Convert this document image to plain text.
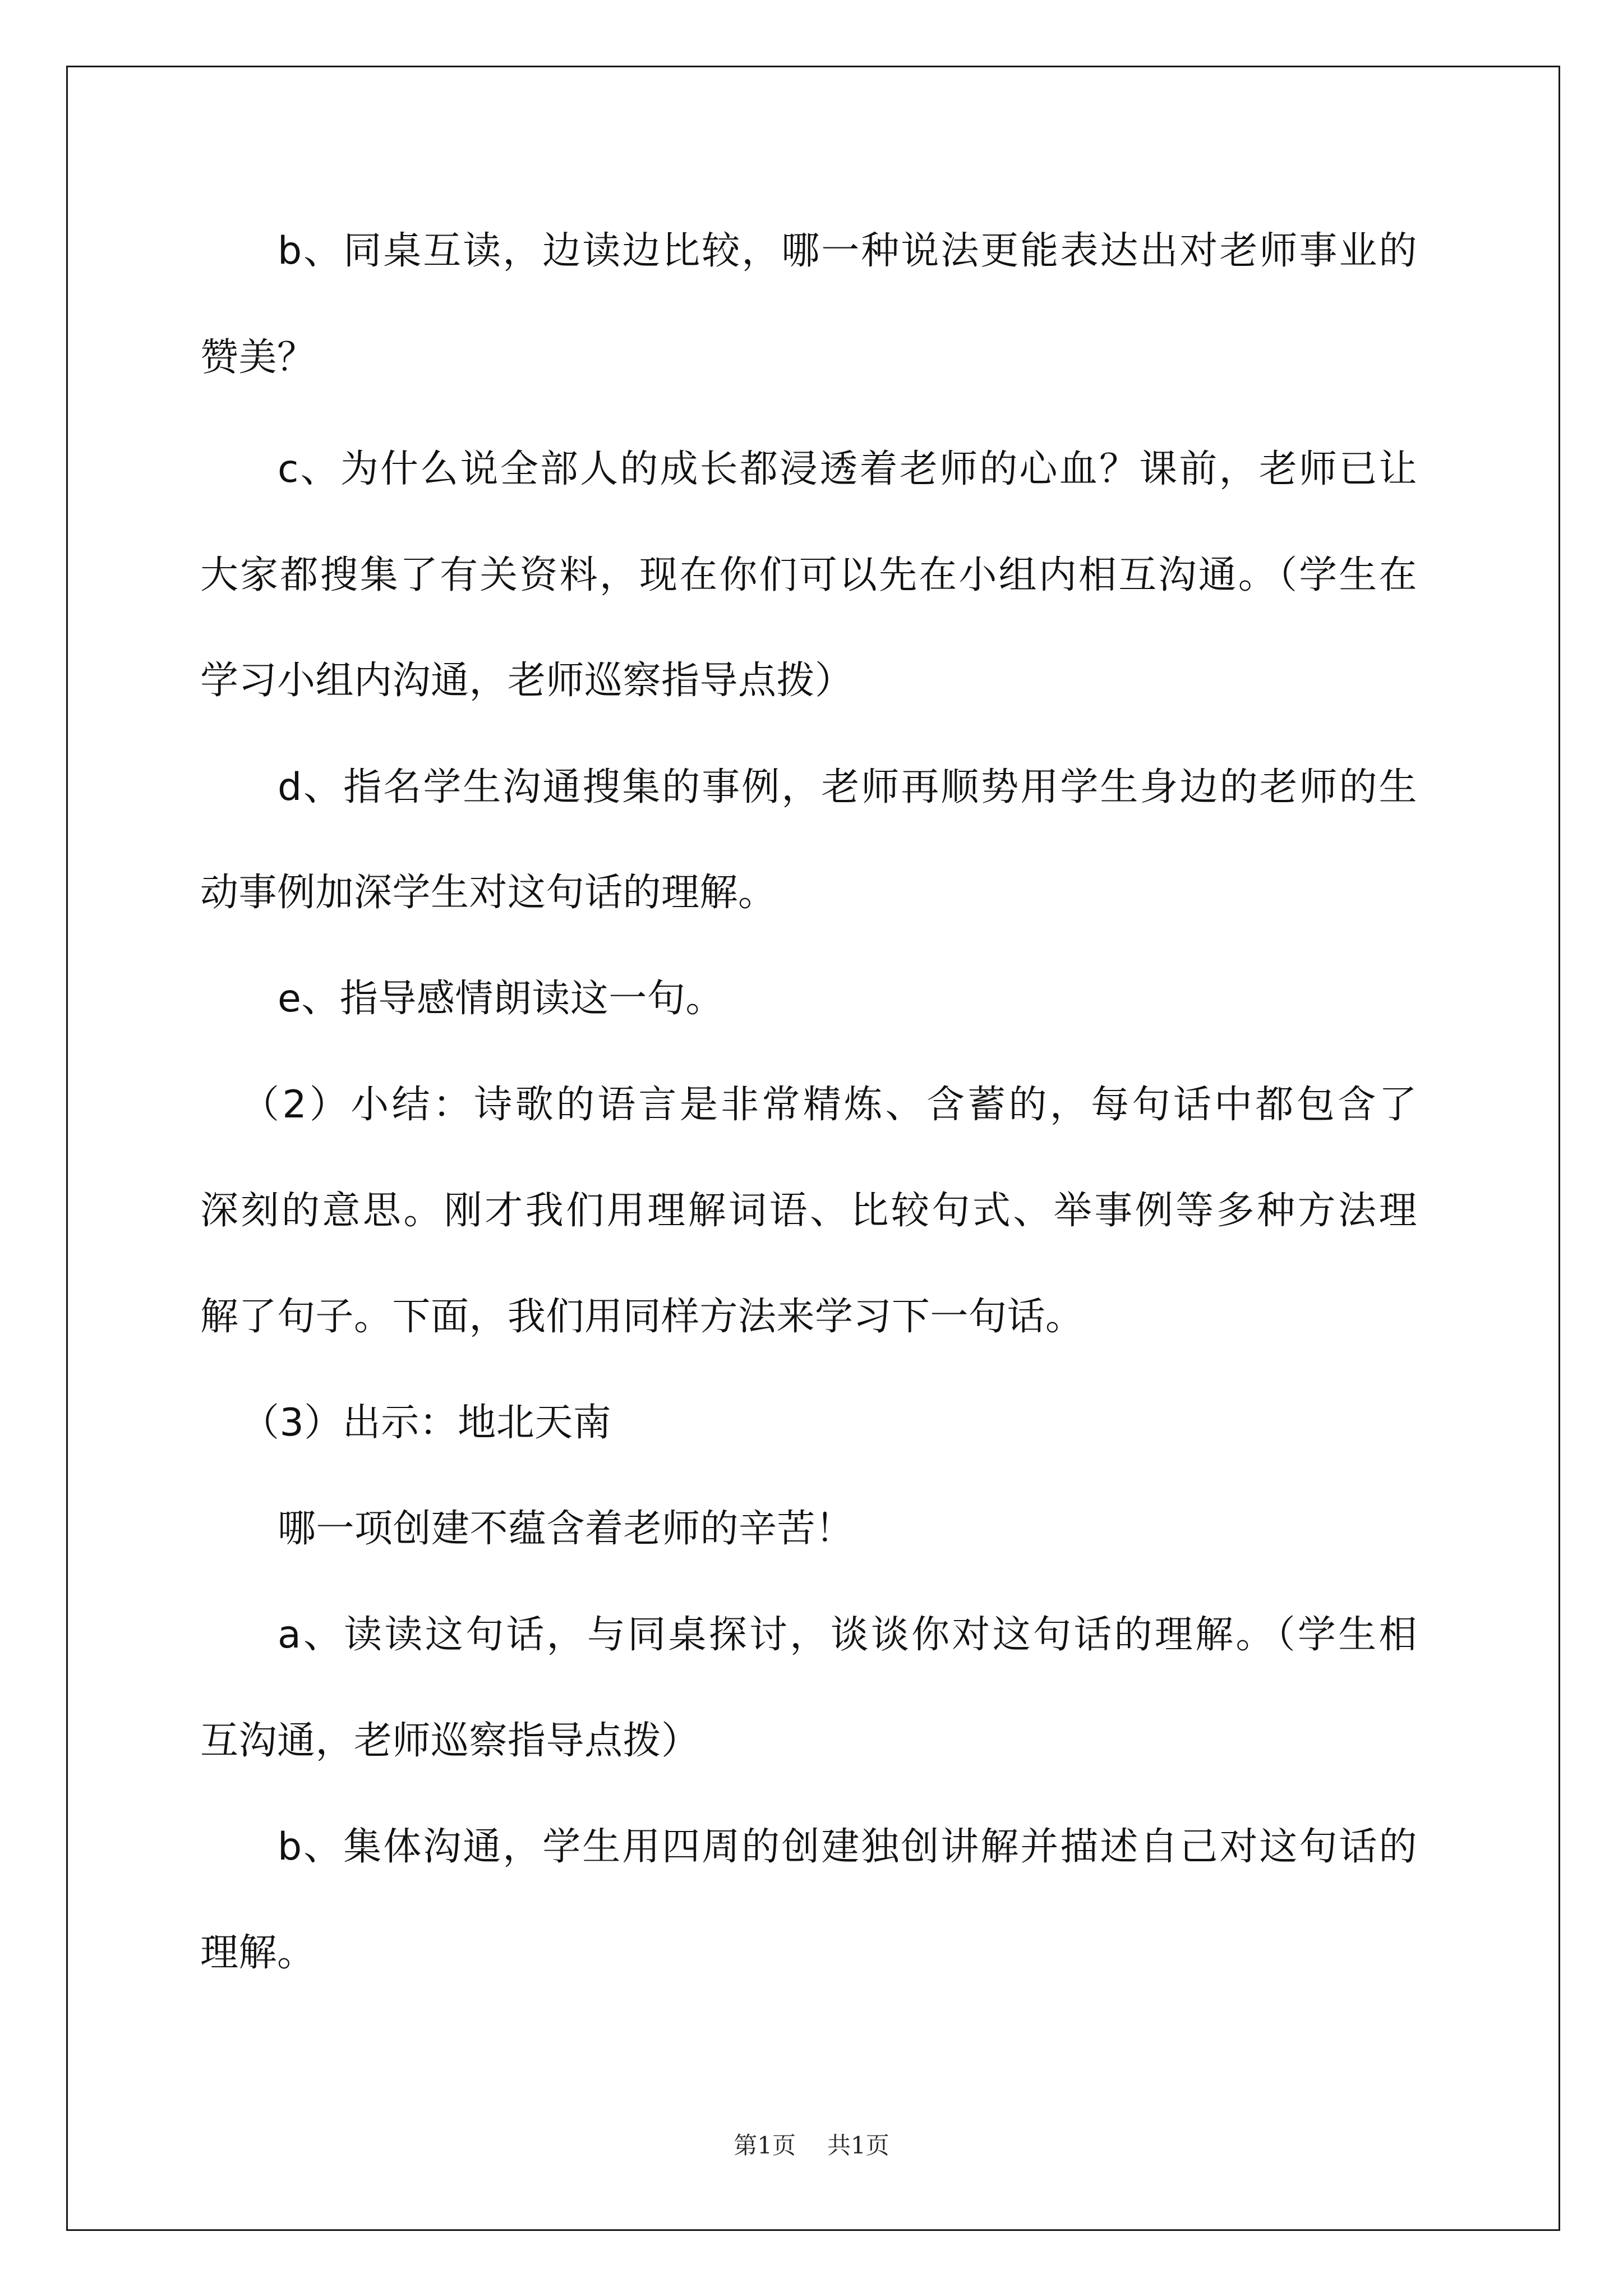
b、同桌互读，边读边比较，哪一种说法更能表达出对老师事业的
赞美？
c、为什么说全部人的成长都浸透着老师的心血？课前，老师已让
大家都搜集了有关资料，现在你们可以先在小组内相互沟通。（学生在
学习小组内沟通，老师巡察指导点拨）
d、指名学生沟通搜集的事例，老师再顺势用学生身边的老师的生
动事例加深学生对这句话的理解。
e、指导感情朗读这一句。
（2）小结：诗歌的语言是非常精炼、含蓄的，每句话中都包含了
深刻的意思。刚才我们用理解词语、比较句式、举事例等多种方法理
解了句子。下面，我们用同样方法来学习下一句话。
（3）出示：地北天南
哪一项创建不蕴含着老师的辛苦！
a、读读这句话，与同桌探讨，谈谈你对这句话的理解。（学生相
互沟通，老师巡察指导点拨）
b、集体沟通，学生用四周的创建独创讲解并描述自己对这句话的
理解。
第1页 共1页
